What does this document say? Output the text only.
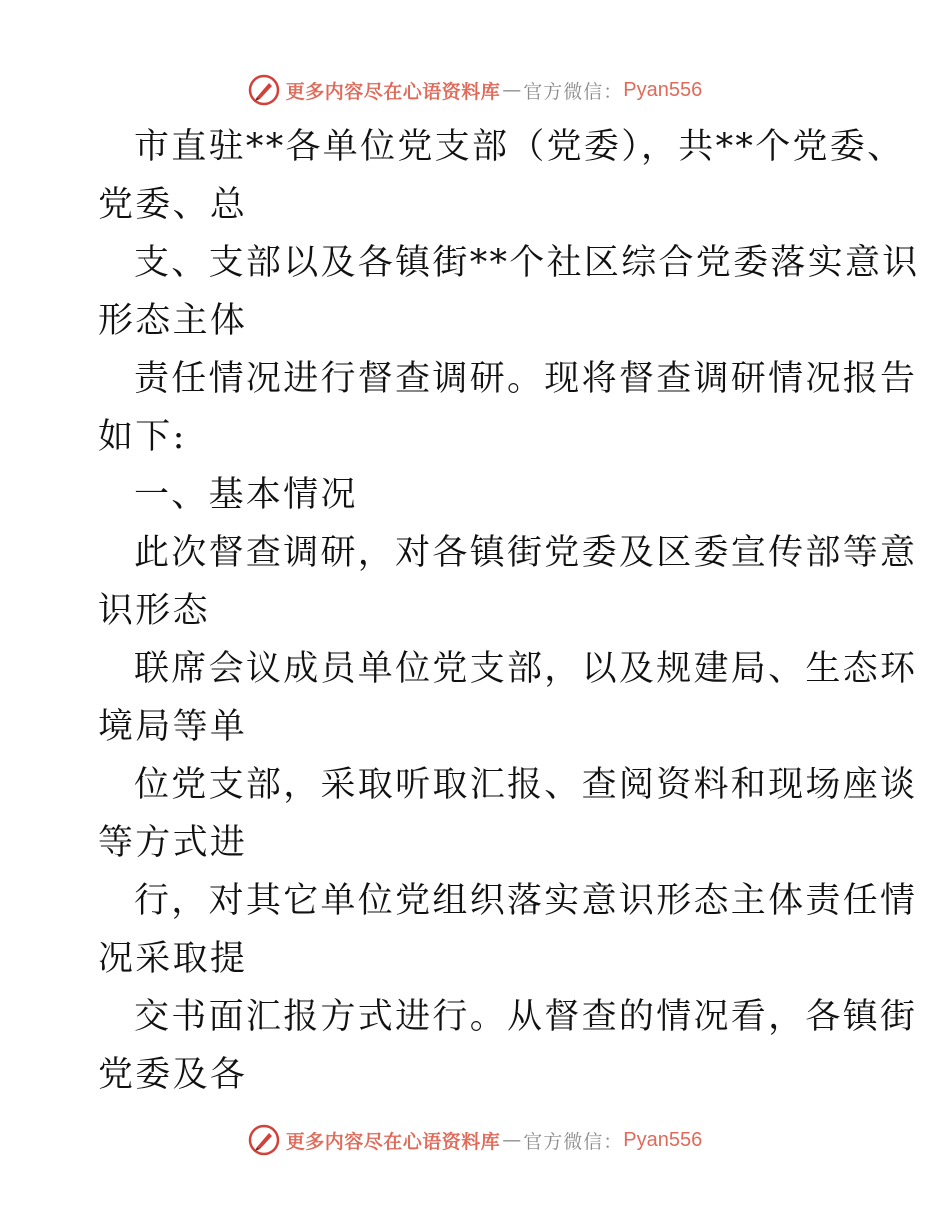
更多内容尽在心语资料库 — 官方微信： Pyan556
市直驻**各单位党支部（党委），共**个党委、
党委、总
支、支部以及各镇街**个社区综合党委落实意识
形态主体
责任情况进行督查调研。现将督查调研情况报告
如下:
一、基本情况
此次督查调研，对各镇街党委及区委宣传部等意
识形态
联席会议成员单位党支部，以及规建局、生态环
境局等单
位党支部，采取听取汇报、查阅资料和现场座谈
等方式进
行，对其它单位党组织落实意识形态主体责任情
况采取提
交书面汇报方式进行。从督查的情况看，各镇街
党委及各
更多内容尽在心语资料库 — 官方微信： Pyan556
